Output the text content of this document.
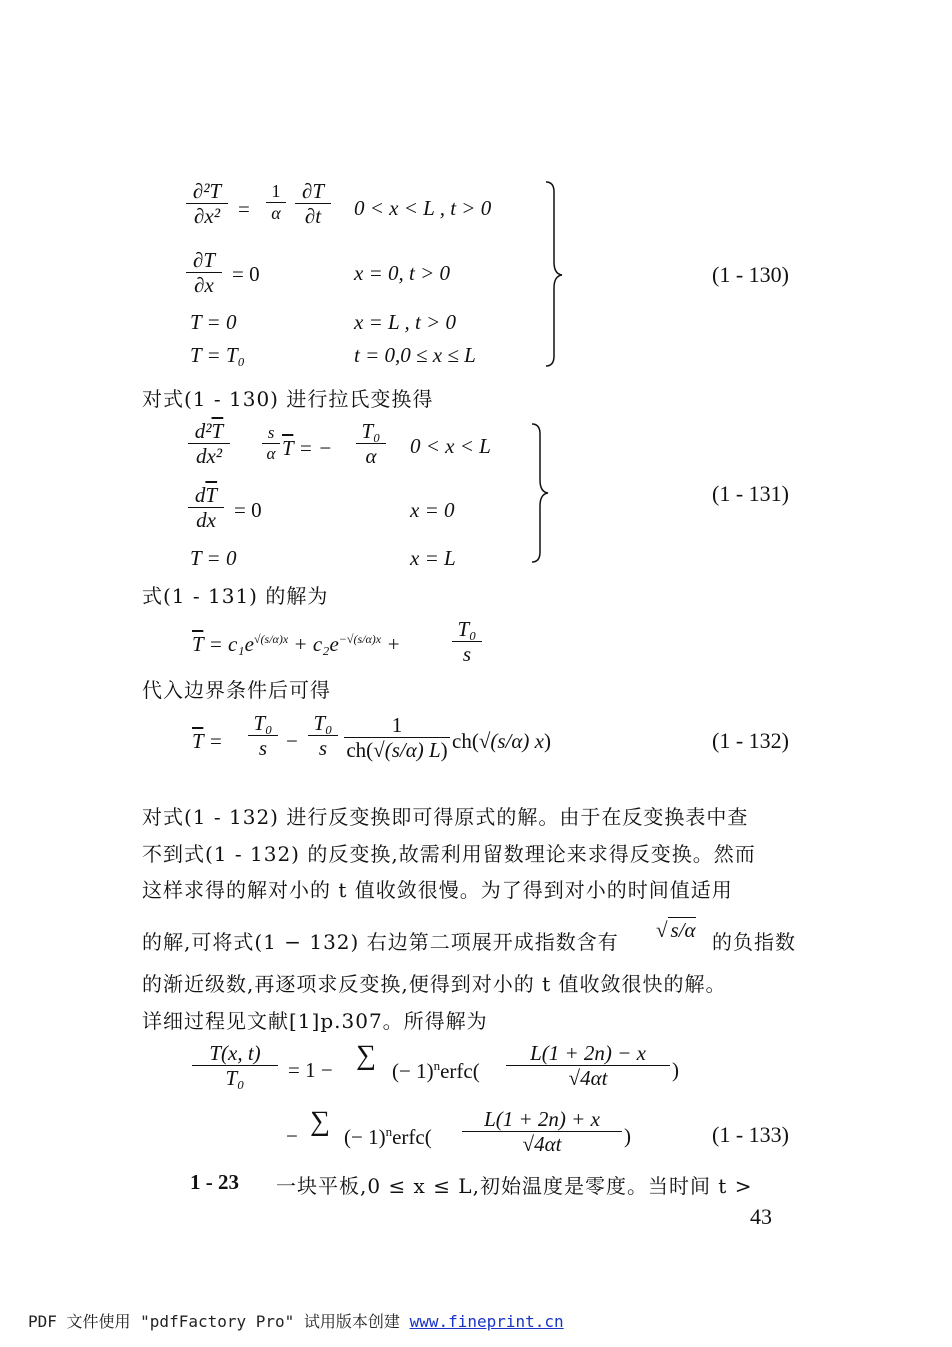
∂²T
∂x² =
1
α
∂T
∂t	0 < x < L , t > 0
∂T
∂x = 0	x = 0, t > 0
T = 0	x = L , t > 0
T = T₀	t = 0,0 ≤ x ≤ L
(1 - 130)
对式(1 - 130) 进行拉氏变换得
$d^2\overline{T}$
dx²
s
α $\overline{T}$ = −
T₀
α	0 < x < L
$d\overline{T}$
dx = 0	x = 0
T = 0	x = L
(1 - 131)
式(1 - 131) 的解为
$\overline{T} = c_1e^{√(s/\alpha)x} + c_2e^{-√(s/\alpha)x}$ +
T₀
s
代入边界条件后可得
$\overline{T}$ =
T₀
s −
T₀
s
1
ch(√(s/α) L) ch(√(s/α) x)	(1 - 132)
对式(1 - 132) 进行反变换即可得原式的解。由于在反变换表中查
不到式(1 - 132) 的反变换,故需利用留数理论来求得反变换。然而
这样求得的解对小的 t 值收敛很慢。为了得到对小的时间值适用
的解,可将式(1 − 132) 右边第二项展开成指数含有 √ s/α 的负指数
的渐近级数,再逐项求反变换,便得到对小的 t 值收敛很快的解。
详细过程见文献[1]p.307。所得解为
T(x, t)
T₀	= 1 − ∑ (− 1)$^n$erfc(
L(1 + 2n) − x
√4αt	)
− ∑ (− 1)$^n$erfc(
L(1 + 2n) + x
√4αt	)	(1 - 133)
1 - 23 一块平板,0 ≤ x ≤ L,初始温度是零度。当时间 t >
43
PDF 文件使用 "pdfFactory Pro" 试用版本创建 www.fineprint.cn
